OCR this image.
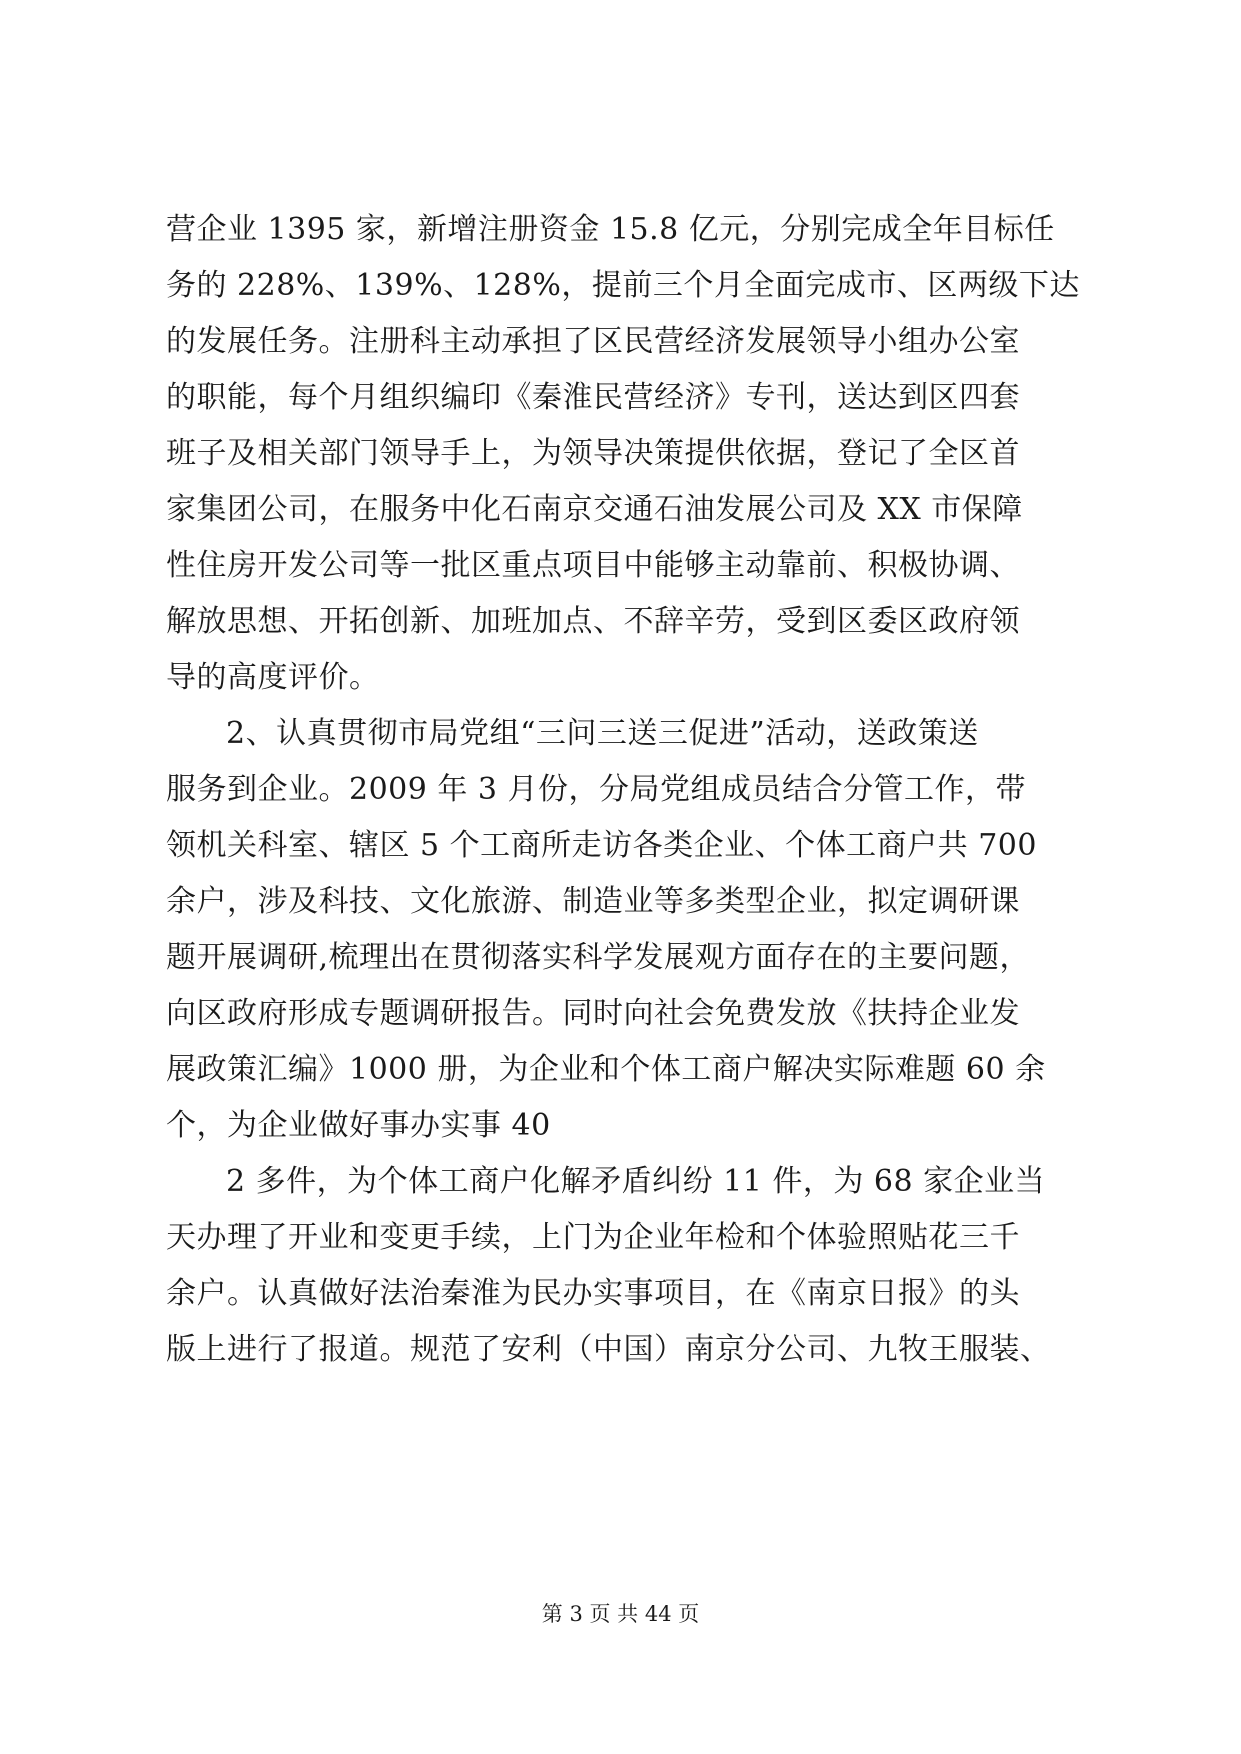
营企业 1395 家，新增注册资金 15.8 亿元，分别完成全年目标任
务的 228%、139%、128%，提前三个月全面完成市、区两级下达
的发展任务。注册科主动承担了区民营经济发展领导小组办公室
的职能，每个月组织编印《秦淮民营经济》专刊，送达到区四套
班子及相关部门领导手上，为领导决策提供依据，登记了全区首
家集团公司，在服务中化石南京交通石油发展公司及 XX 市保障
性住房开发公司等一批区重点项目中能够主动靠前、积极协调、
解放思想、开拓创新、加班加点、不辞辛劳，受到区委区政府领
导的高度评价。
2、认真贯彻市局党组“三问三送三促进”活动，送政策送
服务到企业。2009 年 3 月份，分局党组成员结合分管工作，带
领机关科室、辖区 5 个工商所走访各类企业、个体工商户共 700
余户，涉及科技、文化旅游、制造业等多类型企业，拟定调研课
题开展调研,梳理出在贯彻落实科学发展观方面存在的主要问题，
向区政府形成专题调研报告。同时向社会免费发放《扶持企业发
展政策汇编》1000 册，为企业和个体工商户解决实际难题 60 余
个，为企业做好事办实事 40
2 多件，为个体工商户化解矛盾纠纷 11 件，为 68 家企业当
天办理了开业和变更手续，上门为企业年检和个体验照贴花三千
余户。认真做好法治秦淮为民办实事项目，在《南京日报》的头
版上进行了报道。规范了安利（中国）南京分公司、九牧王服装、
第 3 页 共 44 页
